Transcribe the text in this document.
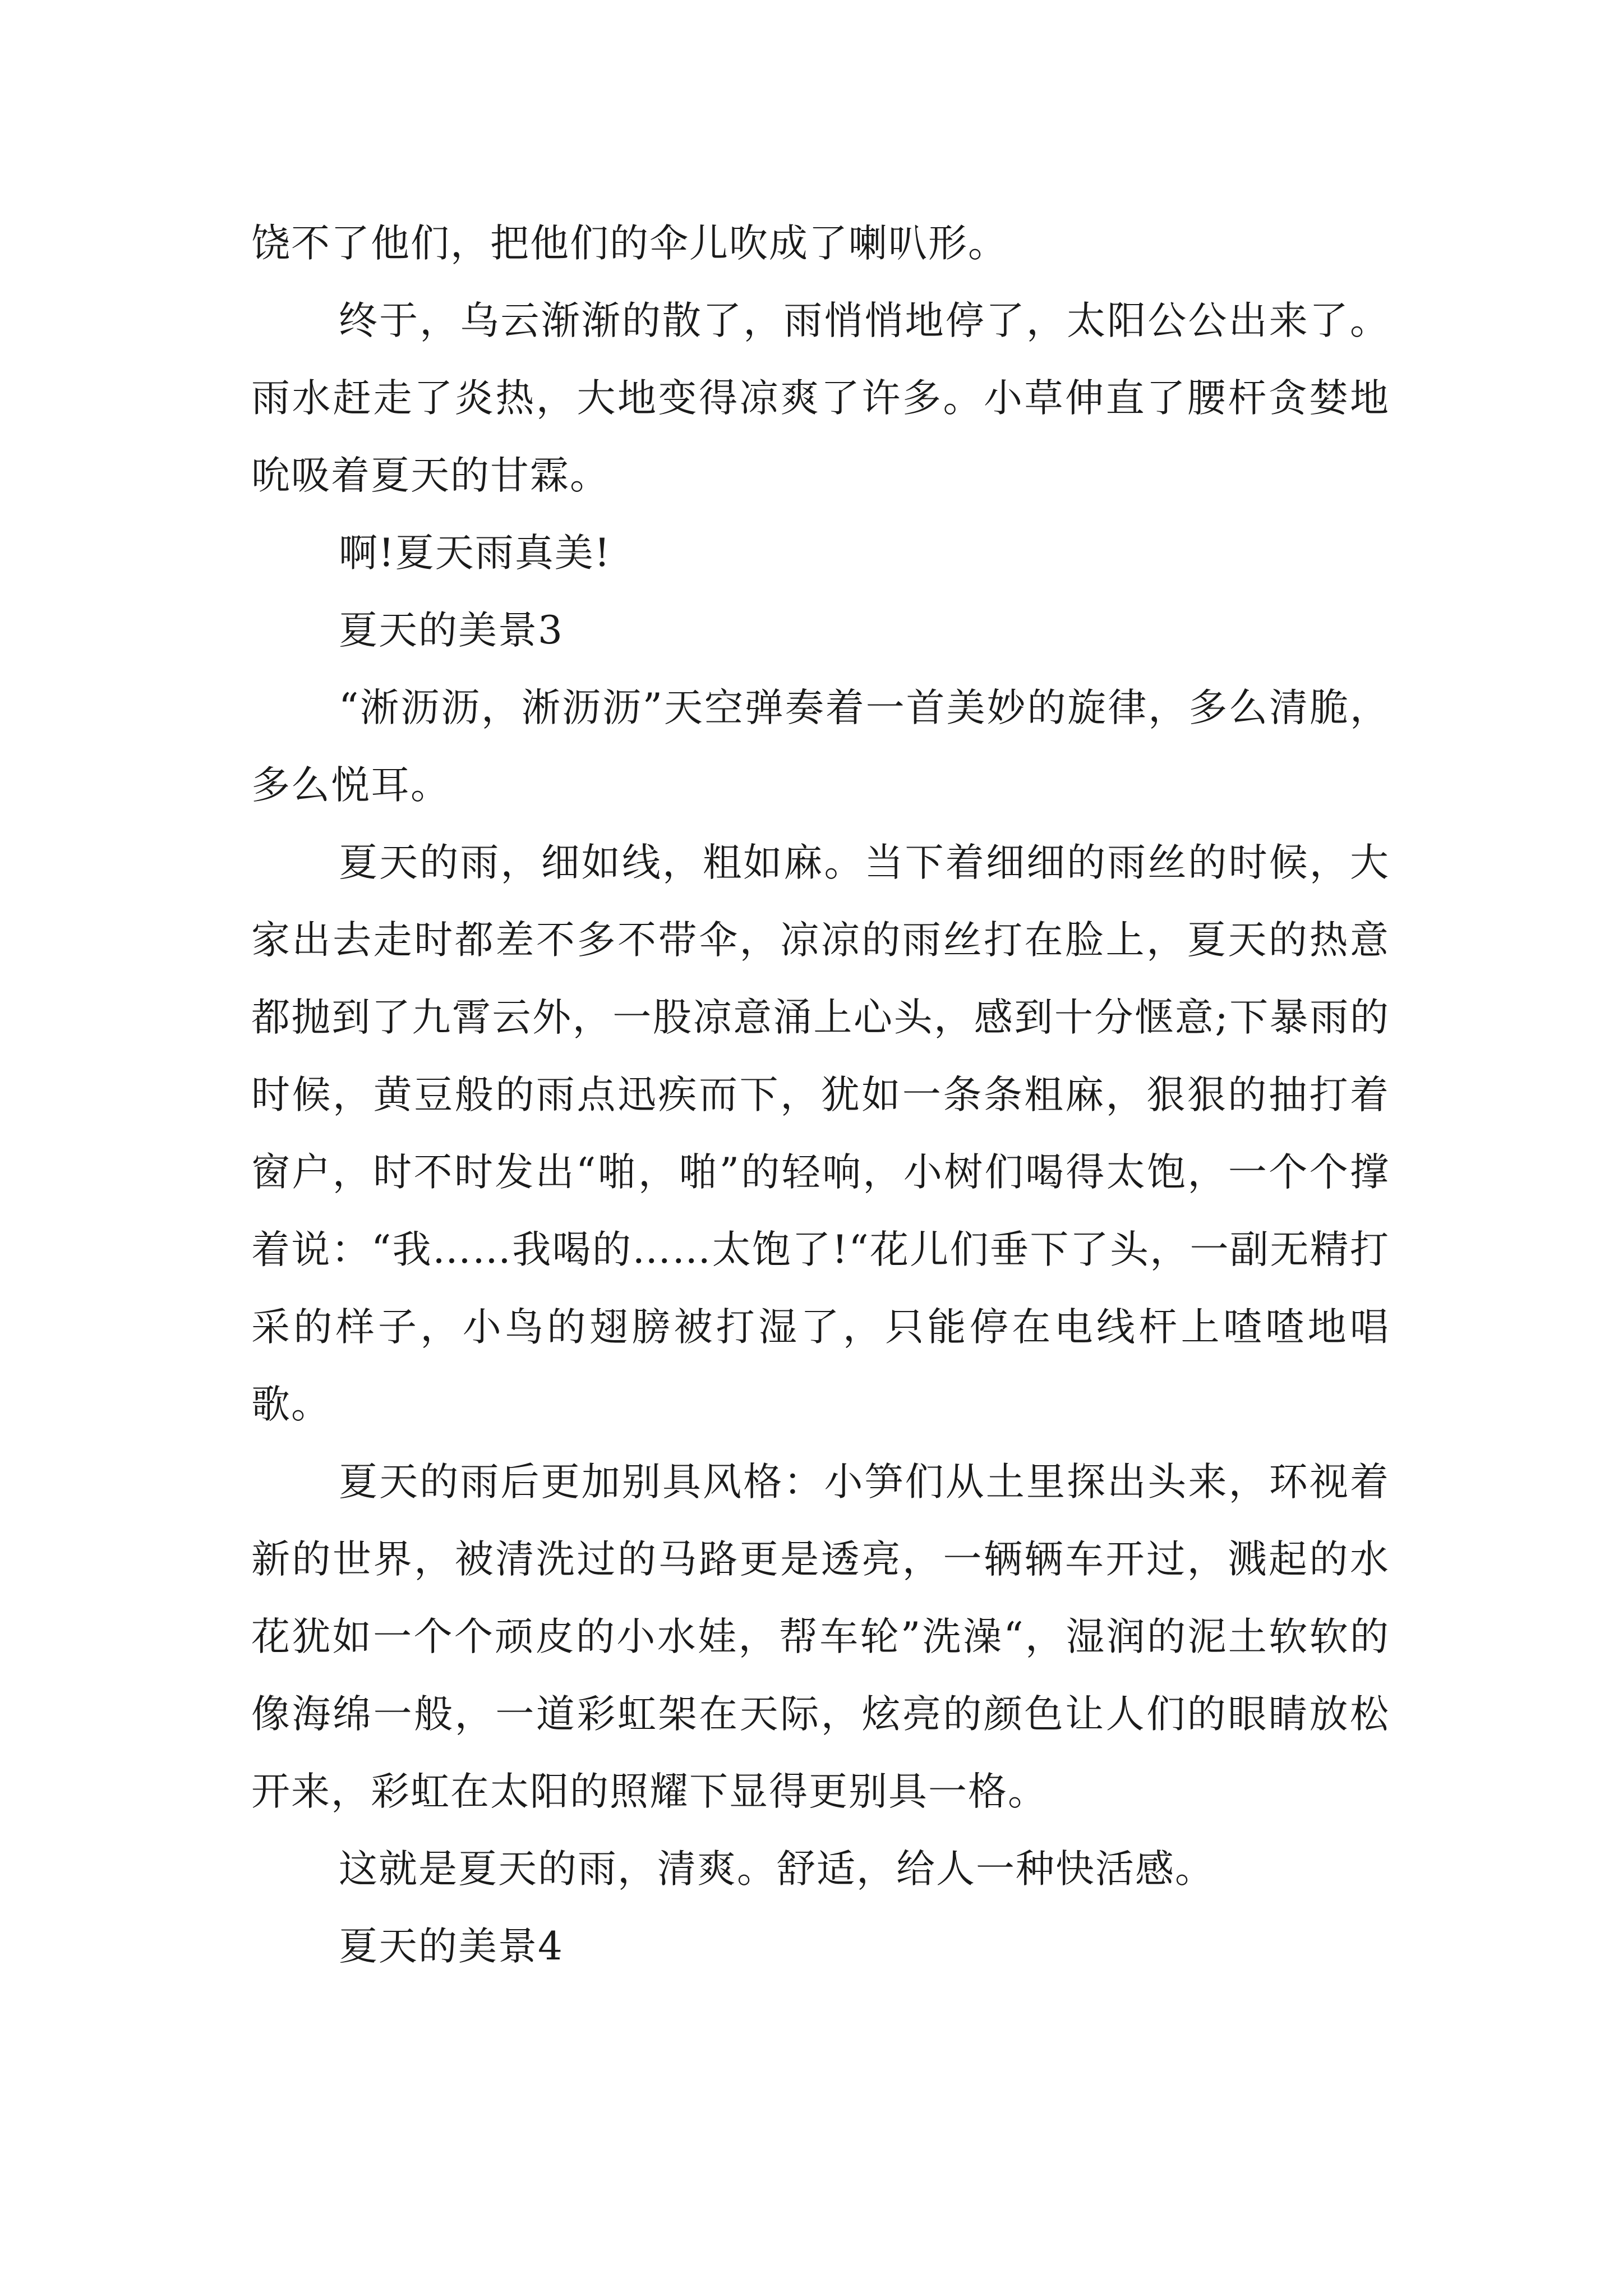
饶不了他们，把他们的伞儿吹成了喇叭形。

终于，乌云渐渐的散了，雨悄悄地停了，太阳公公出来了。雨水赶走了炎热，大地变得凉爽了许多。小草伸直了腰杆贪婪地吮吸着夏天的甘霖。

啊!夏天雨真美!

夏天的美景3

“淅沥沥，淅沥沥”天空弹奏着一首美妙的旋律，多么清脆，多么悦耳。

夏天的雨，细如线，粗如麻。当下着细细的雨丝的时候，大家出去走时都差不多不带伞，凉凉的雨丝打在脸上，夏天的热意都抛到了九霄云外，一股凉意涌上心头，感到十分惬意;下暴雨的时候，黄豆般的雨点迅疾而下，犹如一条条粗麻，狠狠的抽打着窗户，时不时发出“啪，啪”的轻响，小树们喝得太饱，一个个撑着说：“我……我喝的……太饱了!“花儿们垂下了头，一副无精打采的样子，小鸟的翅膀被打湿了，只能停在电线杆上喳喳地唱歌。

夏天的雨后更加别具风格：小笋们从土里探出头来，环视着新的世界，被清洗过的马路更是透亮，一辆辆车开过，溅起的水花犹如一个个顽皮的小水娃，帮车轮”洗澡“，湿润的泥土软软的像海绵一般，一道彩虹架在天际，炫亮的颜色让人们的眼睛放松开来，彩虹在太阳的照耀下显得更别具一格。

这就是夏天的雨，清爽。舒适，给人一种快活感。

夏天的美景4
